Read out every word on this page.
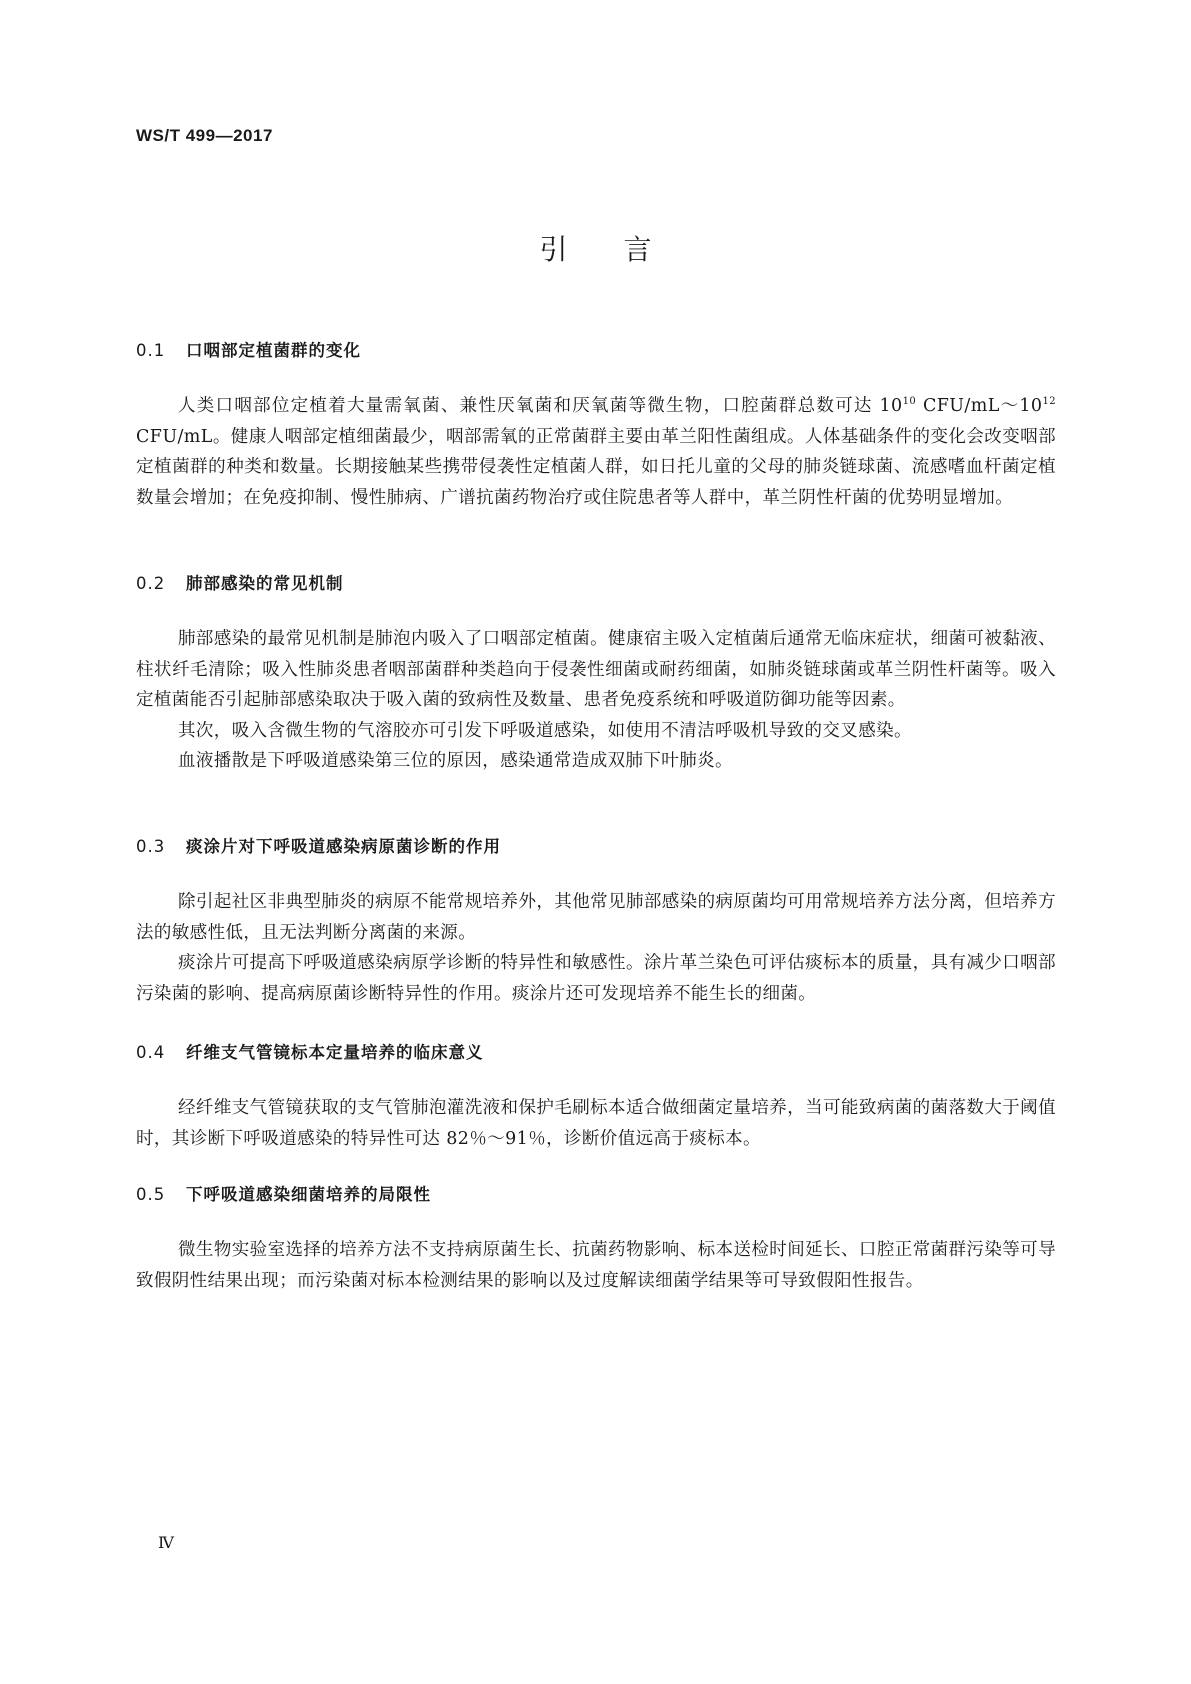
WS/T 499—2017
引言
0.1 口咽部定植菌群的变化

人类口咽部位定植着大量需氧菌、兼性厌氧菌和厌氧菌等微生物，口腔菌群总数可达 $10^{10}$ CFU/$mL\sim 10^{12}$ CFU/mL。健康人咽部定植细菌最少，咽部需氧的正常菌群主要由革兰阳性菌组成。人体基础条件的变化会改变咽部定植菌群的种类和数量。长期接触某些携带侵袭性定植菌人群，如日托儿童的父母的肺炎链球菌、流感嗜血杆菌定植数量会增加；在免疫抑制、慢性肺病、广谱抗菌药物治疗或住院患者等人群中，革兰阴性杆菌的优势明显增加。

0.2 肺部感染的常见机制

肺部感染的最常见机制是肺泡内吸入了口咽部定植菌。健康宿主吸入定植菌后通常无临床症状，细菌可被黏液、柱状纤毛清除；吸入性肺炎患者咽部菌群种类趋向于侵袭性细菌或耐药细菌，如肺炎链球菌或革兰阴性杆菌等。吸入定植菌能否引起肺部感染取决于吸入菌的致病性及数量、患者免疫系统和呼吸道防御功能等因素。

其次，吸入含微生物的气溶胶亦可引发下呼吸道感染，如使用不清洁呼吸机导致的交叉感染。

血液播散是下呼吸道感染第三位的原因，感染通常造成双肺下叶肺炎。

0.3 痰涂片对下呼吸道感染病原菌诊断的作用

除引起社区非典型肺炎的病原不能常规培养外，其他常见肺部感染的病原菌均可用常规培养方法分离，但培养方法的敏感性低，且无法判断分离菌的来源。

痰涂片可提高下呼吸道感染病原学诊断的特异性和敏感性。涂片革兰染色可评估痰标本的质量，具有减少口咽部污染菌的影响、提高病原菌诊断特异性的作用。痰涂片还可发现培养不能生长的细菌。

0.4 纤维支气管镜标本定量培养的临床意义

经纤维支气管镜获取的支气管肺泡灌洗液和保护毛刷标本适合做细菌定量培养，当可能致病菌的菌落数大于阈值时，其诊断下呼吸道感染的特异性可达 82％～91％，诊断价值远高于痰标本。

0.5 下呼吸道感染细菌培养的局限性

微生物实验室选择的培养方法不支持病原菌生长、抗菌药物影响、标本送检时间延长、口腔正常菌群污染等可导致假阴性结果出现；而污染菌对标本检测结果的影响以及过度解读细菌学结果等可导致假阳性报告。

Ⅳ
